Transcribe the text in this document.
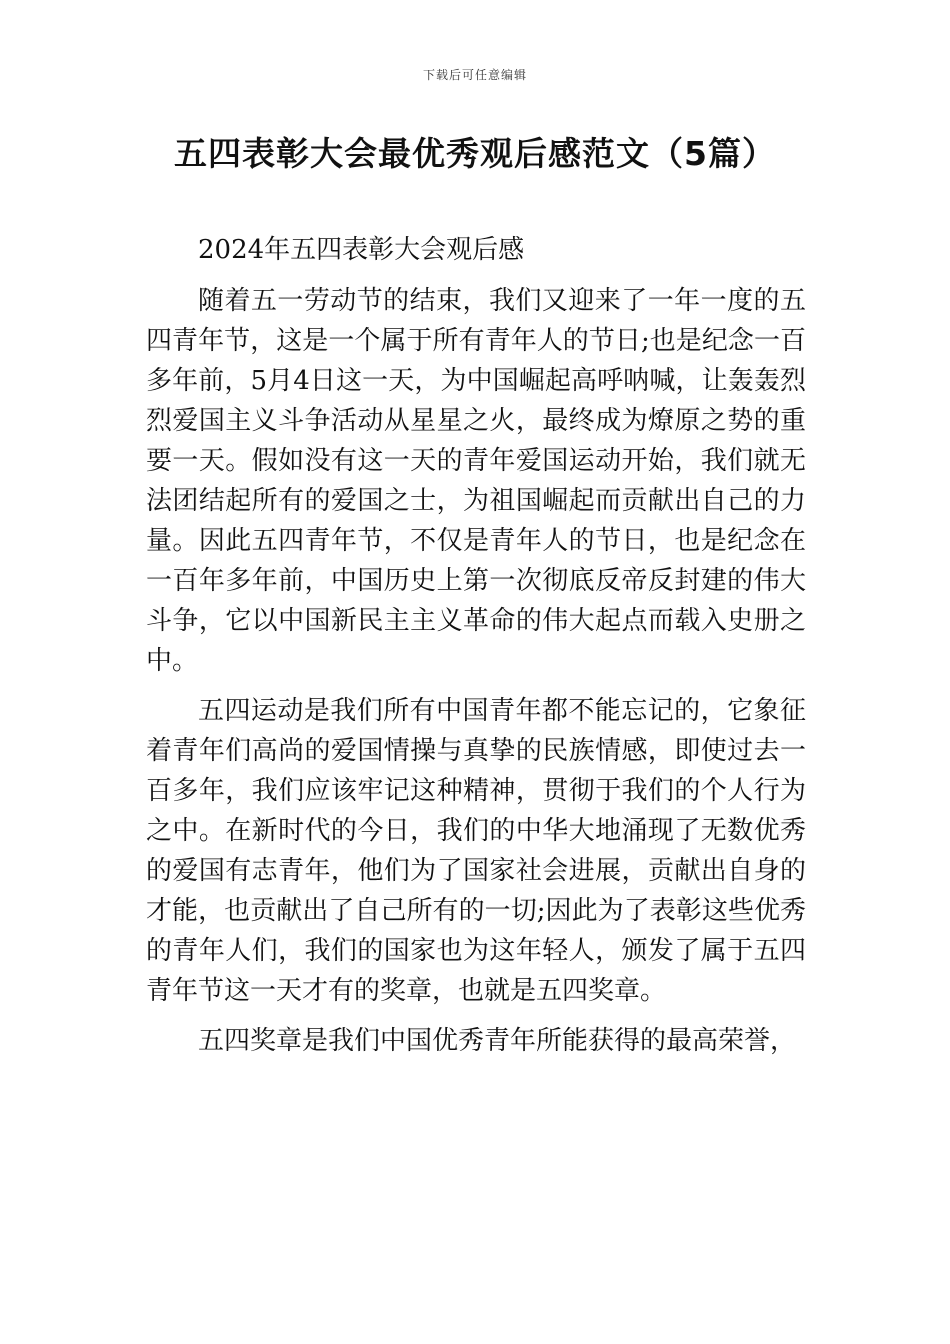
下载后可任意编辑
五四表彰大会最优秀观后感范文（5篇）

2024年五四表彰大会观后感

随着五一劳动节的结束，我们又迎来了一年一度的五四青年节，这是一个属于所有青年人的节日;也是纪念一百多年前，5月4日这一天，为中国崛起高呼呐喊，让轰轰烈烈爱国主义斗争活动从星星之火，最终成为燎原之势的重要一天。假如没有这一天的青年爱国运动开始，我们就无法团结起所有的爱国之士，为祖国崛起而贡献出自己的力量。因此五四青年节，不仅是青年人的节日，也是纪念在一百年多年前，中国历史上第一次彻底反帝反封建的伟大斗争，它以中国新民主主义革命的伟大起点而载入史册之中。

五四运动是我们所有中国青年都不能忘记的，它象征着青年们高尚的爱国情操与真挚的民族情感，即使过去一百多年，我们应该牢记这种精神，贯彻于我们的个人行为之中。在新时代的今日，我们的中华大地涌现了无数优秀的爱国有志青年，他们为了国家社会进展，贡献出自身的才能，也贡献出了自己所有的一切;因此为了表彰这些优秀的青年人们，我们的国家也为这年轻人，颁发了属于五四青年节这一天才有的奖章，也就是五四奖章。

五四奖章是我们中国优秀青年所能获得的最高荣誉，
